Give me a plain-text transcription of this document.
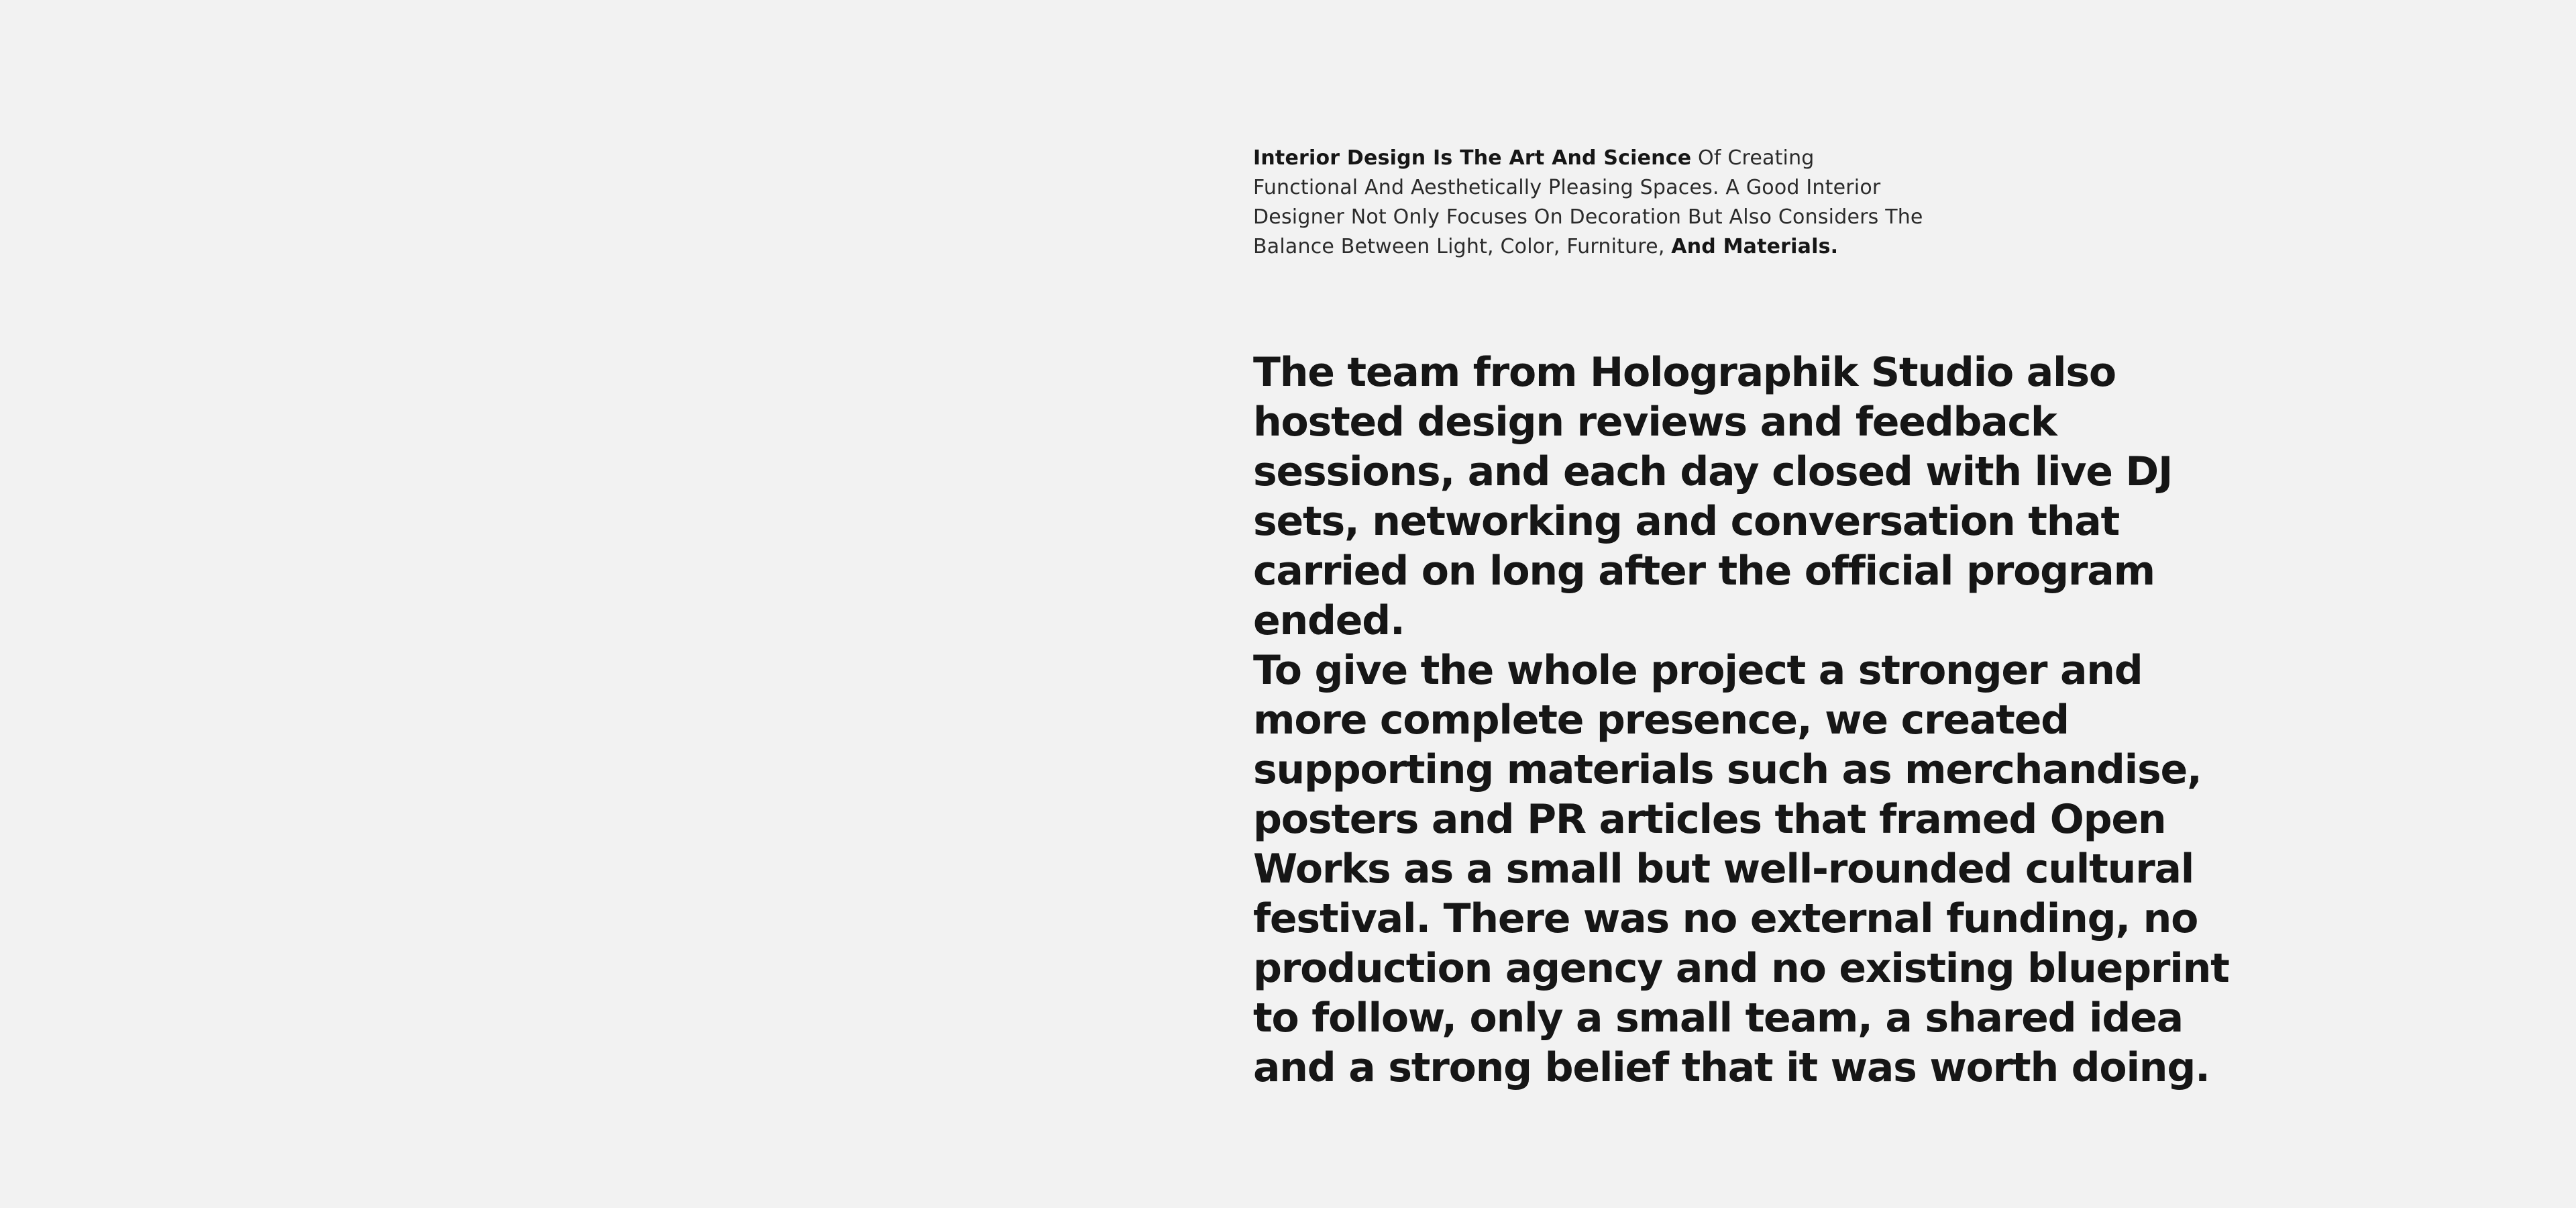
Interior Design Is The Art And Science Of Creating Functional And Aesthetically Pleasing Spaces. A Good Interior Designer Not Only Focuses On Decoration But Also Considers The Balance Between Light, Color, Furniture, And Materials.

The team from Holographik Studio also hosted design reviews and feedback sessions, and each day closed with live DJ sets, networking and conversation that carried on long after the official program ended.

To give the whole project a stronger and more complete presence, we created supporting materials such as merchandise, posters and PR articles that framed Open Works as a small but well-rounded cultural festival. There was no external funding, no production agency and no existing blueprint to follow, only a small team, a shared idea and a strong belief that it was worth doing.
